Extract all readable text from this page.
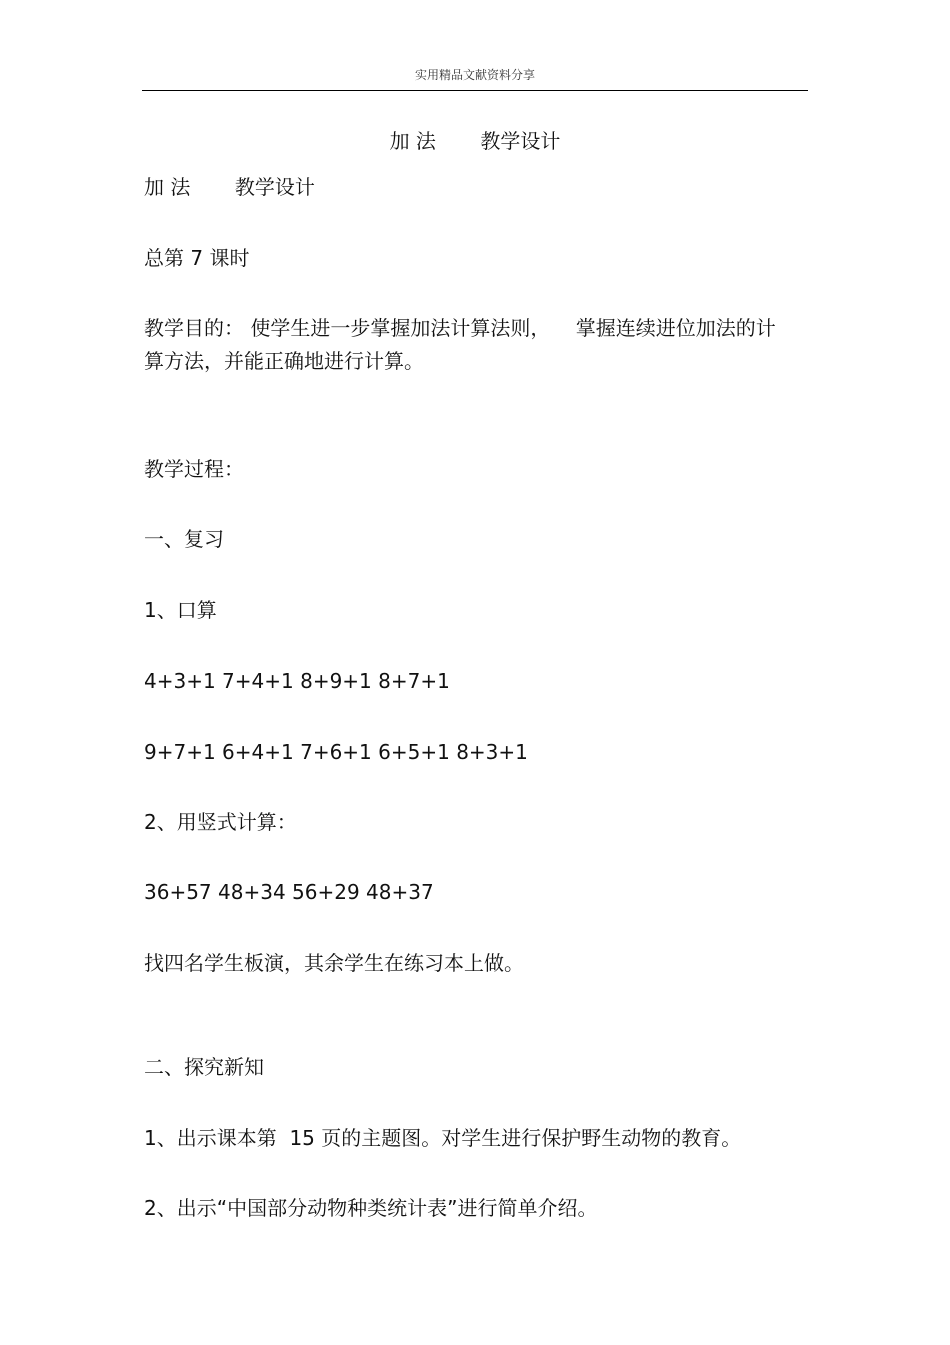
实用精品文献资料分享
加 法       教学设计
加 法       教学设计
总第 7 课时
教学目的： 使学生进一步掌握加法计算法则，    掌握连续进位加法的计
算方法，并能正确地进行计算。
教学过程：
一、复习
1、口算
4+3+1 7+4+1 8+9+1 8+7+1
9+7+1 6+4+1 7+6+1 6+5+1 8+3+1
2、用竖式计算：
36+57 48+34 56+29 48+37
找四名学生板演，其余学生在练习本上做。
二、探究新知
1、出示课本第  15 页的主题图。对学生进行保护野生动物的教育。
2、出示“中国部分动物种类统计表”进行简单介绍。
